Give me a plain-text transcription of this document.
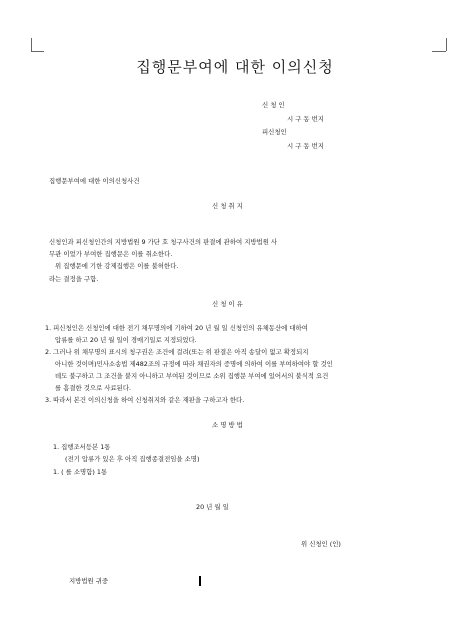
집행문부여에 대한 이의신청
신 청 인
시 구 동 번지
피신청인
시 구 동 번지
집행문부여에 대한 이의신청사건
신 청 취 지
신청인과 피신청인간의 지방법원 9 가단 호 청구사건의 판결에 관하여 지방법원 사
무관 이었가 부여한 집행문은 이를 취소한다.
위 집행문에 기한 강제집행은 이를 불허한다.
라는 결정을 구함.
신 청 이 유
1. 피신청인은 신청인에 대한 전기 채무명의에 기하여 20 년 월 일 신청인의 유체동산에 대하여
압류를 하고 20 년 월 일이 경매기일로 지정되었다.
2. 그러나 위 채무명의 표시의 청구권은 조건에 걸려(또는 위 판결은 아직 송달이 없고 확정되지
아니한 것이며)민사소송법 제482조의 규정에 따라 채권자의 증명에 의하여 이를 부여하여야 할 것인
데도 불구하고 그 조건을 붙지 아니하고 부여된 것이므로 소위 집행문 부여에 있어서의 불식적 요건
를 흠결한 것으로 사료된다.
3. 따라서 본건 이의신청을 하여 신청취지와 같은 재판을 구하고자 한다.
소 명 방 법
1. 집행조서등본 1통
(전기 압류가 있은 후 아직 집행종결전임을 소명)
1. ( 를 소명함) 1통
20 년 월 일
위 신청인 (인)
지방법원 귀중
